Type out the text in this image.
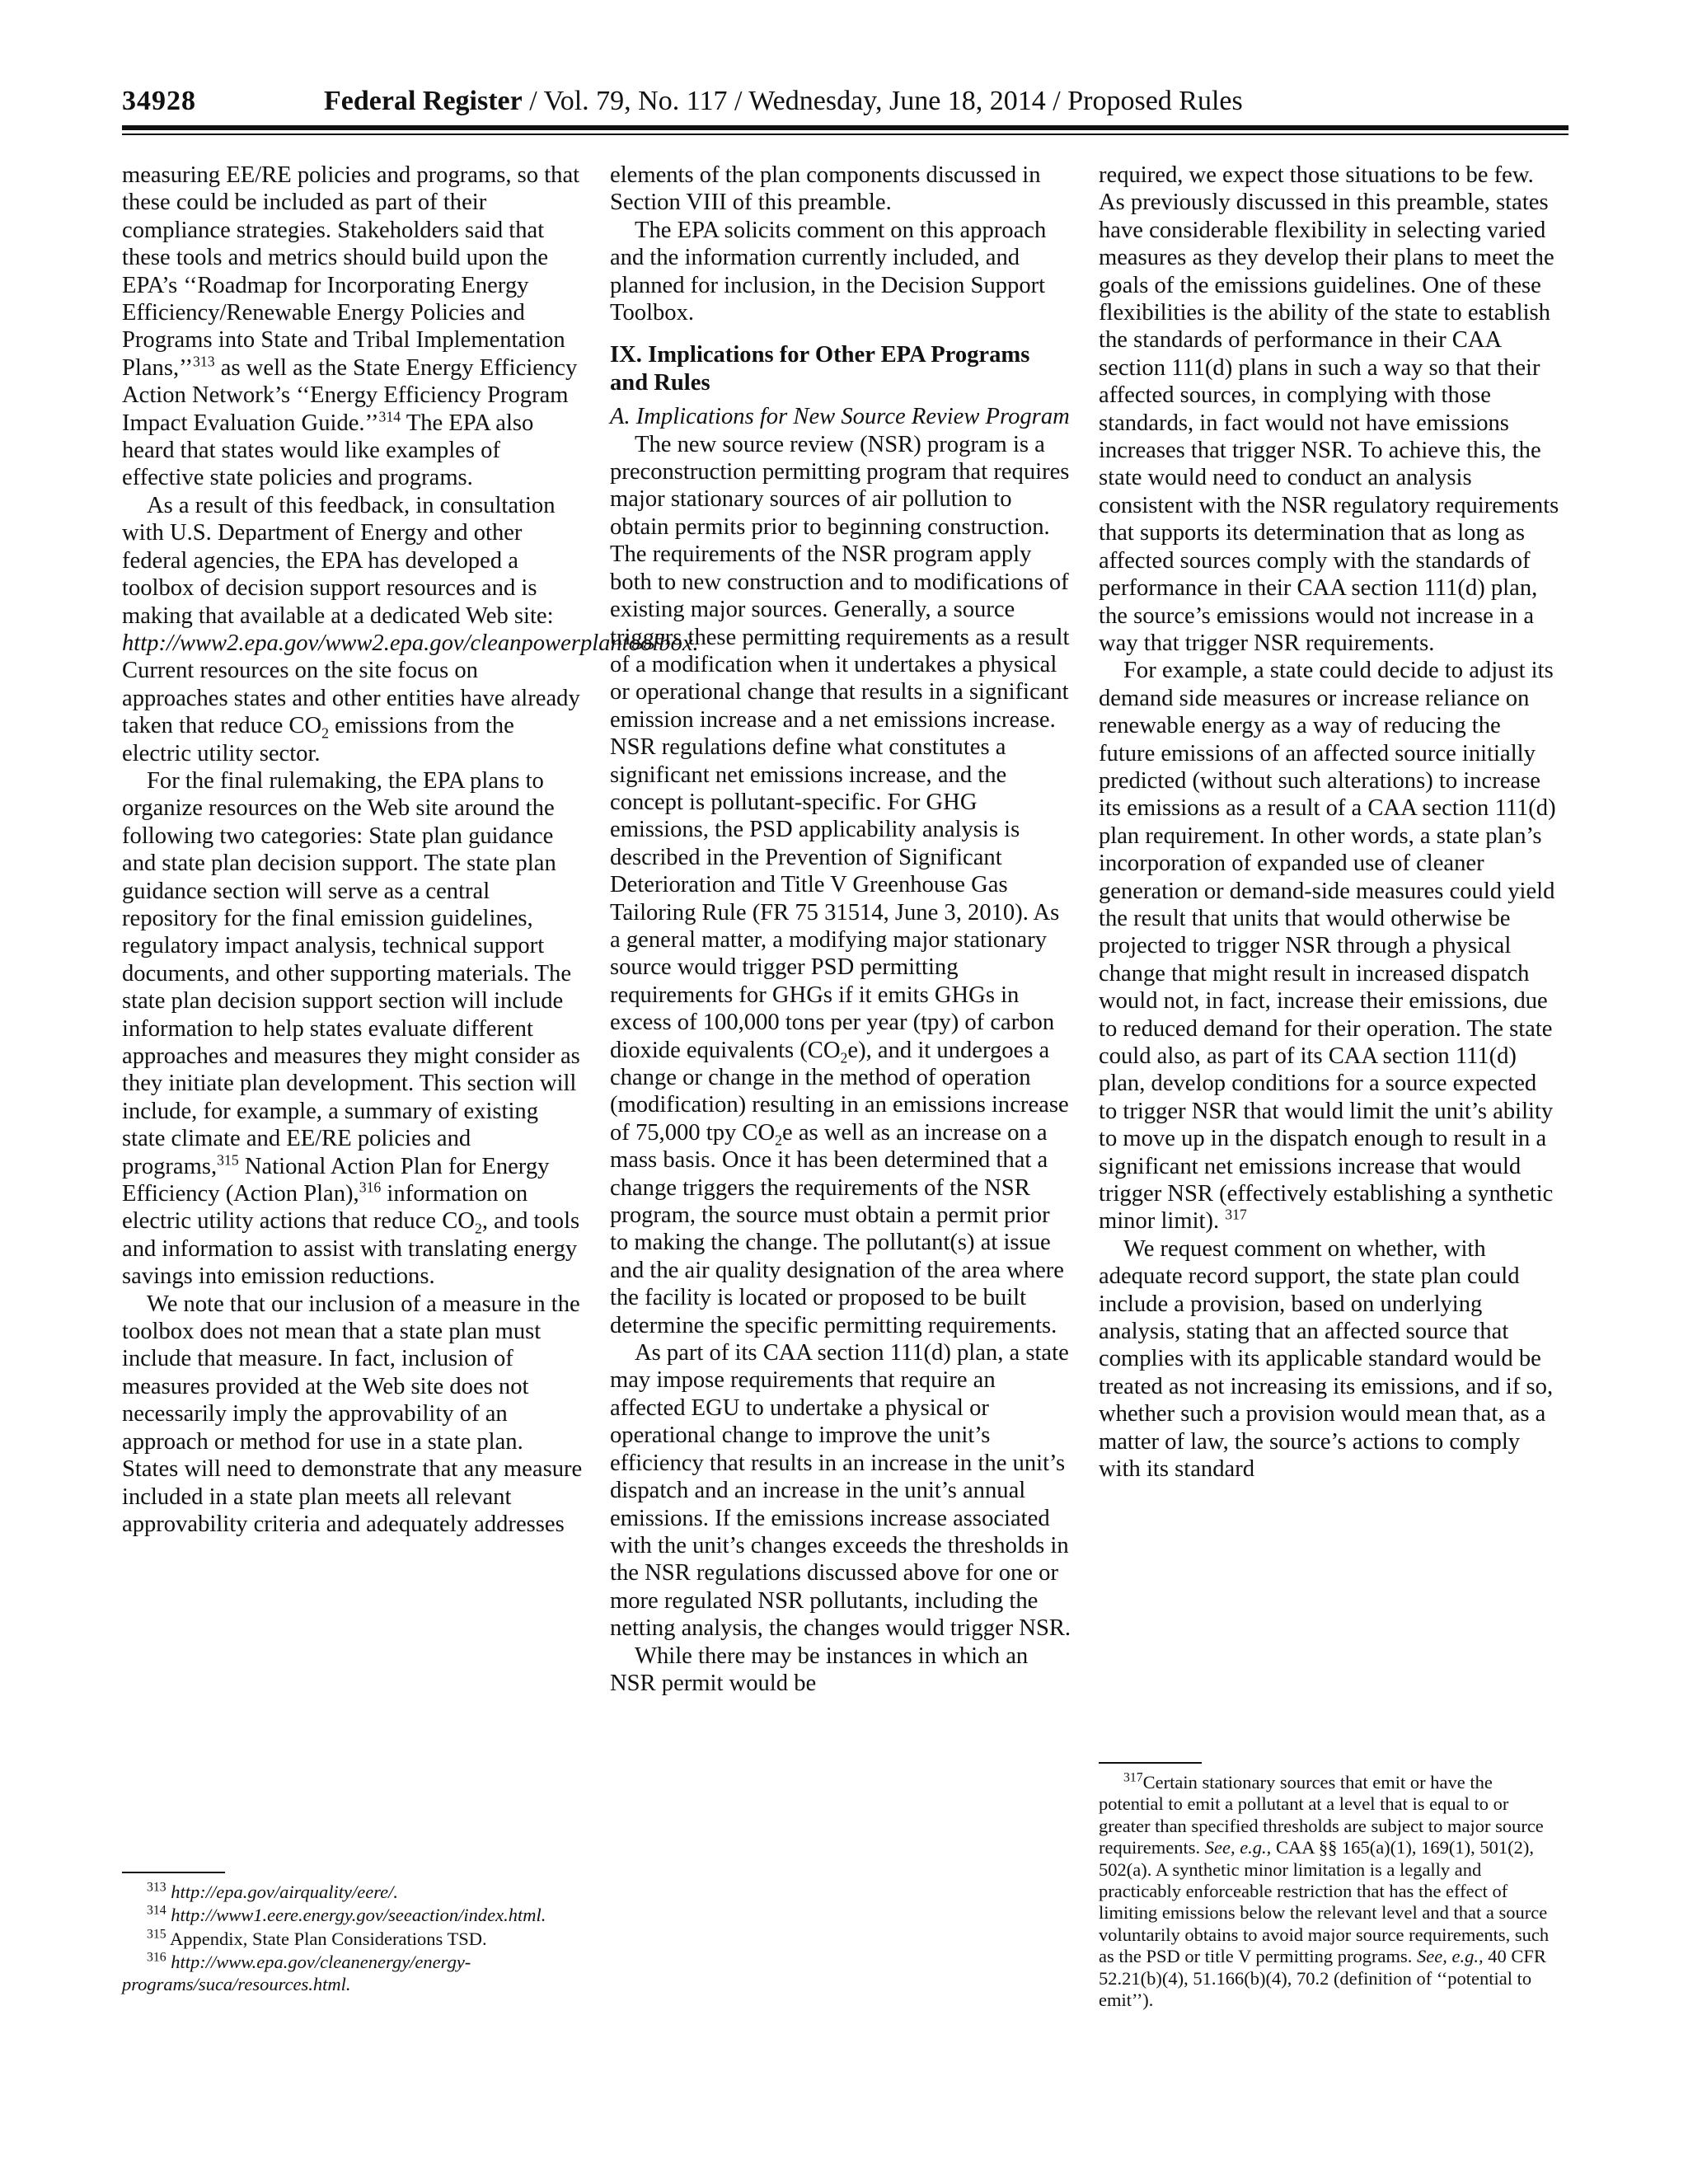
34928	Federal Register / Vol. 79, No. 117 / Wednesday, June 18, 2014 / Proposed Rules

measuring EE/RE policies and programs, so that these could be included as part of their compliance strategies. Stakeholders said that these tools and metrics should build upon the EPA’s ‘‘Roadmap for Incorporating Energy Efficiency/Renewable Energy Policies and Programs into State and Tribal Implementation Plans,’’$^{313}$ as well as the State Energy Efficiency Action Network’s ‘‘Energy Efficiency Program Impact Evaluation Guide.’’$^{314}$ The EPA also heard that states would like examples of effective state policies and programs.

As a result of this feedback, in consultation with U.S. Department of Energy and other federal agencies, the EPA has developed a toolbox of decision support resources and is making that available at a dedicated Web site: http://www2.epa.gov/www2.epa.gov/cleanpowerplantoolbox. Current resources on the site focus on approaches states and other entities have already taken that reduce $CO_2$ emissions from the electric utility sector.

For the final rulemaking, the EPA plans to organize resources on the Web site around the following two categories: State plan guidance and state plan decision support. The state plan guidance section will serve as a central repository for the final emission guidelines, regulatory impact analysis, technical support documents, and other supporting materials. The state plan decision support section will include information to help states evaluate different approaches and measures they might consider as they initiate plan development. This section will include, for example, a summary of existing state climate and EE/RE policies and programs,$^{315}$ National Action Plan for Energy Efficiency (Action Plan),$^{316}$ information on electric utility actions that reduce $CO_2$, and tools and information to assist with translating energy savings into emission reductions.

We note that our inclusion of a measure in the toolbox does not mean that a state plan must include that measure. In fact, inclusion of measures provided at the Web site does not necessarily imply the approvability of an approach or method for use in a state plan. States will need to demonstrate that any measure included in a state plan meets all relevant approvability criteria and adequately addresses

elements of the plan components discussed in Section VIII of this preamble.

The EPA solicits comment on this approach and the information currently included, and planned for inclusion, in the Decision Support Toolbox.

IX. Implications for Other EPA Programs and Rules
A. Implications for New Source Review Program

The new source review (NSR) program is a preconstruction permitting program that requires major stationary sources of air pollution to obtain permits prior to beginning construction. The requirements of the NSR program apply both to new construction and to modifications of existing major sources. Generally, a source triggers these permitting requirements as a result of a modification when it undertakes a physical or operational change that results in a significant emission increase and a net emissions increase. NSR regulations define what constitutes a significant net emissions increase, and the concept is pollutant-specific. For GHG emissions, the PSD applicability analysis is described in the Prevention of Significant Deterioration and Title V Greenhouse Gas Tailoring Rule (FR 75 31514, June 3, 2010). As a general matter, a modifying major stationary source would trigger PSD permitting requirements for GHGs if it emits GHGs in excess of 100,000 tons per year (tpy) of carbon dioxide equivalents $(CO_2e)$, and it undergoes a change or change in the method of operation (modification) resulting in an emissions increase of 75,000 tpy $CO_2e$ as well as an increase on a mass basis. Once it has been determined that a change triggers the requirements of the NSR program, the source must obtain a permit prior to making the change. The pollutant(s) at issue and the air quality designation of the area where the facility is located or proposed to be built determine the specific permitting requirements.

As part of its CAA section 111(d) plan, a state may impose requirements that require an affected EGU to undertake a physical or operational change to improve the unit’s efficiency that results in an increase in the unit’s dispatch and an increase in the unit’s annual emissions. If the emissions increase associated with the unit’s changes exceeds the thresholds in the NSR regulations discussed above for one or more regulated NSR pollutants, including the netting analysis, the changes would trigger NSR.

While there may be instances in which an NSR permit would be

required, we expect those situations to be few. As previously discussed in this preamble, states have considerable flexibility in selecting varied measures as they develop their plans to meet the goals of the emissions guidelines. One of these flexibilities is the ability of the state to establish the standards of performance in their CAA section 111(d) plans in such a way so that their affected sources, in complying with those standards, in fact would not have emissions increases that trigger NSR. To achieve this, the state would need to conduct an analysis consistent with the NSR regulatory requirements that supports its determination that as long as affected sources comply with the standards of performance in their CAA section 111(d) plan, the source’s emissions would not increase in a way that trigger NSR requirements.

For example, a state could decide to adjust its demand side measures or increase reliance on renewable energy as a way of reducing the future emissions of an affected source initially predicted (without such alterations) to increase its emissions as a result of a CAA section 111(d) plan requirement. In other words, a state plan’s incorporation of expanded use of cleaner generation or demand-side measures could yield the result that units that would otherwise be projected to trigger NSR through a physical change that might result in increased dispatch would not, in fact, increase their emissions, due to reduced demand for their operation. The state could also, as part of its CAA section 111(d) plan, develop conditions for a source expected to trigger NSR that would limit the unit’s ability to move up in the dispatch enough to result in a significant net emissions increase that would trigger NSR (effectively establishing a synthetic minor limit). $^{317}$

We request comment on whether, with adequate record support, the state plan could include a provision, based on underlying analysis, stating that an affected source that complies with its applicable standard would be treated as not increasing its emissions, and if so, whether such a provision would mean that, as a matter of law, the source’s actions to comply with its standard

$^{313}$ http://epa.gov/airquality/eere/.

$^{314}$ http://www1.eere.energy.gov/seeaction/index.html.

$^{315}$ Appendix, State Plan Considerations TSD.

$^{316}$ http://www.epa.gov/cleanenergy/energy-programs/suca/resources.html.

$^{317}$Certain stationary sources that emit or have the potential to emit a pollutant at a level that is equal to or greater than specified thresholds are subject to major source requirements. See, e.g., CAA §§ 165(a)(1), 169(1), 501(2), 502(a). A synthetic minor limitation is a legally and practicably enforceable restriction that has the effect of limiting emissions below the relevant level and that a source voluntarily obtains to avoid major source requirements, such as the PSD or title V permitting programs. See, e.g., 40 CFR 52.21(b)(4), 51.166(b)(4), 70.2 (definition of ‘‘potential to emit’’).
